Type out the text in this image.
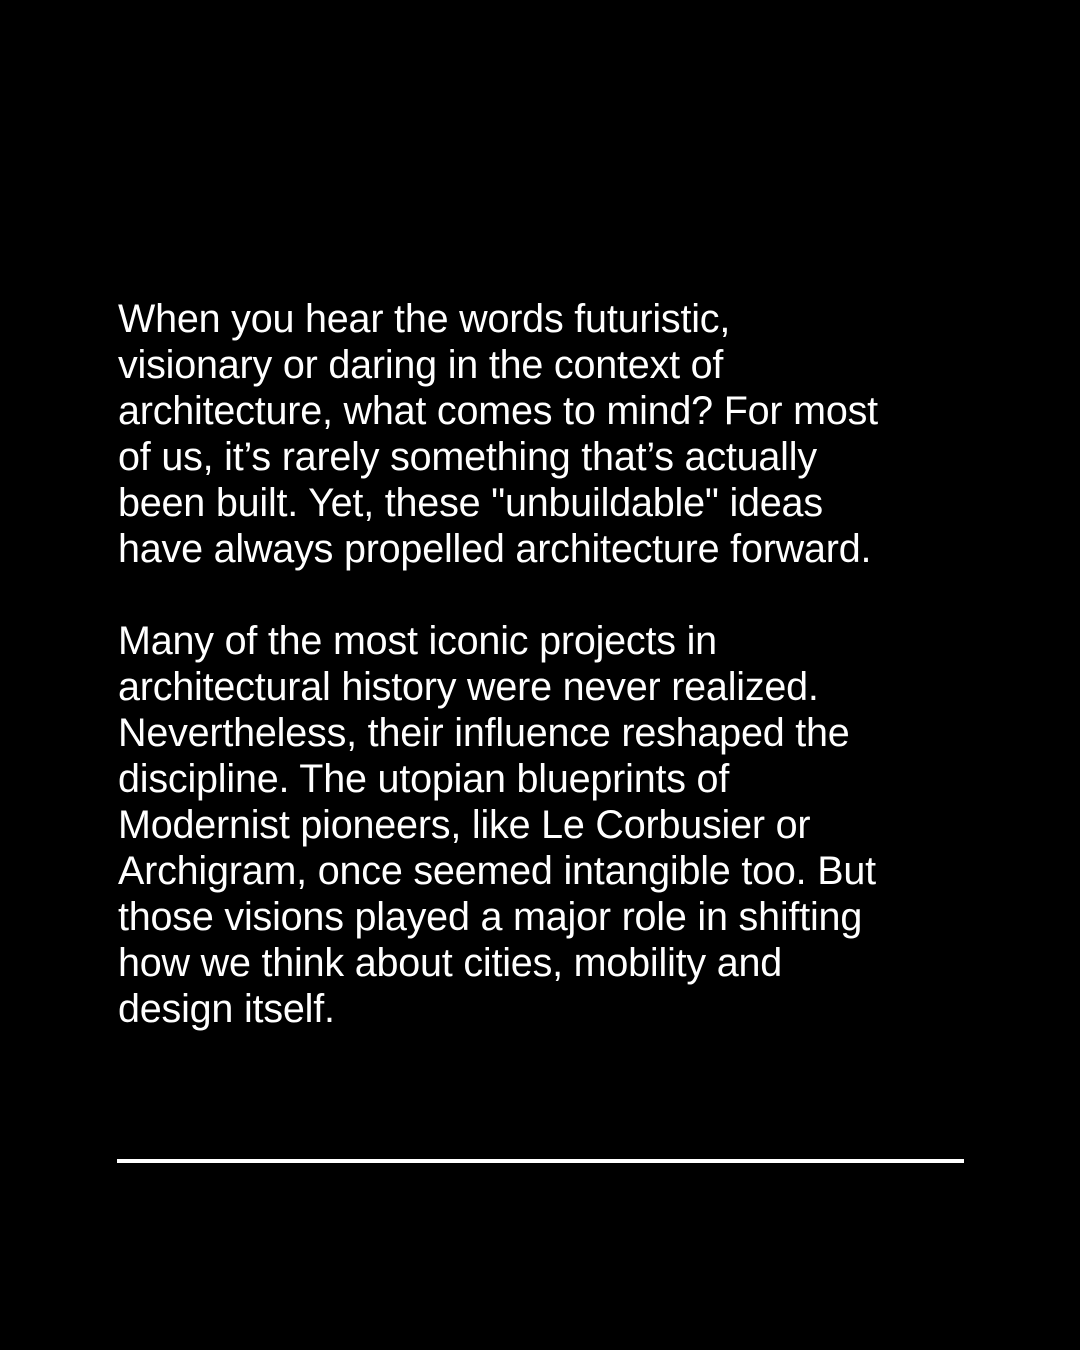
When you hear the words futuristic,
visionary or daring in the context of
architecture, what comes to mind? For most
of us, it’s rarely something that’s actually
been built. Yet, these "unbuildable" ideas
have always propelled architecture forward.

Many of the most iconic projects in
architectural history were never realized.
Nevertheless, their influence reshaped the
discipline. The utopian blueprints of
Modernist pioneers, like Le Corbusier or
Archigram, once seemed intangible too. But
those visions played a major role in shifting
how we think about cities, mobility and
design itself.
